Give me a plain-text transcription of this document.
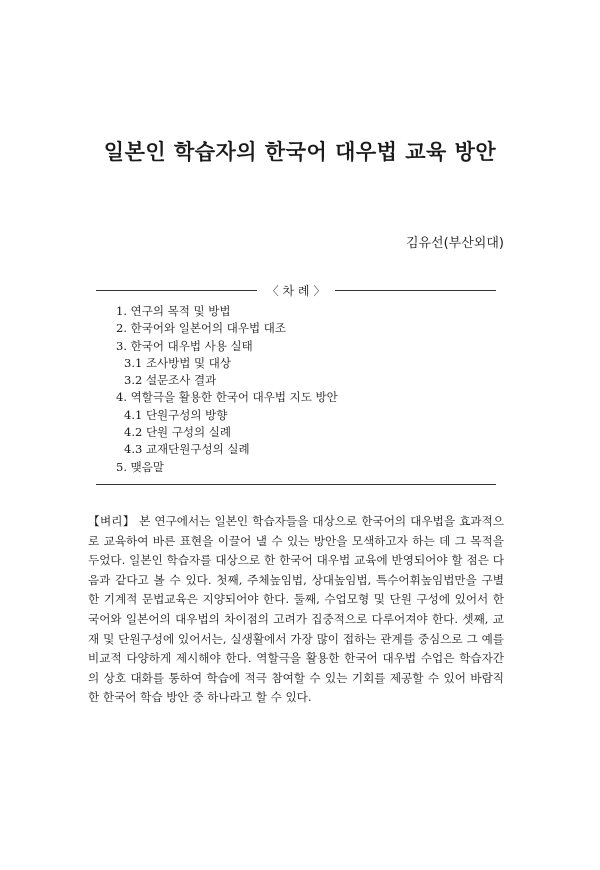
일본인 학습자의 한국어 대우법 교육 방안

김유선(부산외대)

〈 차 례 〉
1. 연구의 목적 및 방법
2. 한국어와 일본어의 대우법 대조
3. 한국어 대우법 사용 실태
3.1 조사방법 및 대상
3.2 설문조사 결과
4. 역할극을 활용한 한국어 대우법 지도 방안
4.1 단원구성의 방향
4.2 단원 구성의 실례
4.3 교재단원구성의 실례
5. 맺음말

【벼리】 본 연구에서는 일본인 학습자들을 대상으로 한국어의 대우법을 효과적으로 교육하여 바른 표현을 이끌어 낼 수 있는 방안을 모색하고자 하는 데 그 목적을 두었다. 일본인 학습자를 대상으로 한 한국어 대우법 교육에 반영되어야 할 점은 다음과 같다고 볼 수 있다. 첫째, 주체높임법, 상대높임법, 특수어휘높임법만을 구별한 기계적 문법교육은 지양되어야 한다. 둘째, 수업모형 및 단원 구성에 있어서 한국어와 일본어의 대우법의 차이점의 고려가 집중적으로 다루어져야 한다. 셋째, 교재 및 단원구성에 있어서는, 실생활에서 가장 많이 접하는 관계를 중심으로 그 예를 비교적 다양하게 제시해야 한다. 역할극을 활용한 한국어 대우법 수업은 학습자간의 상호 대화를 통하여 학습에 적극 참여할 수 있는 기회를 제공할 수 있어 바람직한 한국어 학습 방안 중 하나라고 할 수 있다.
